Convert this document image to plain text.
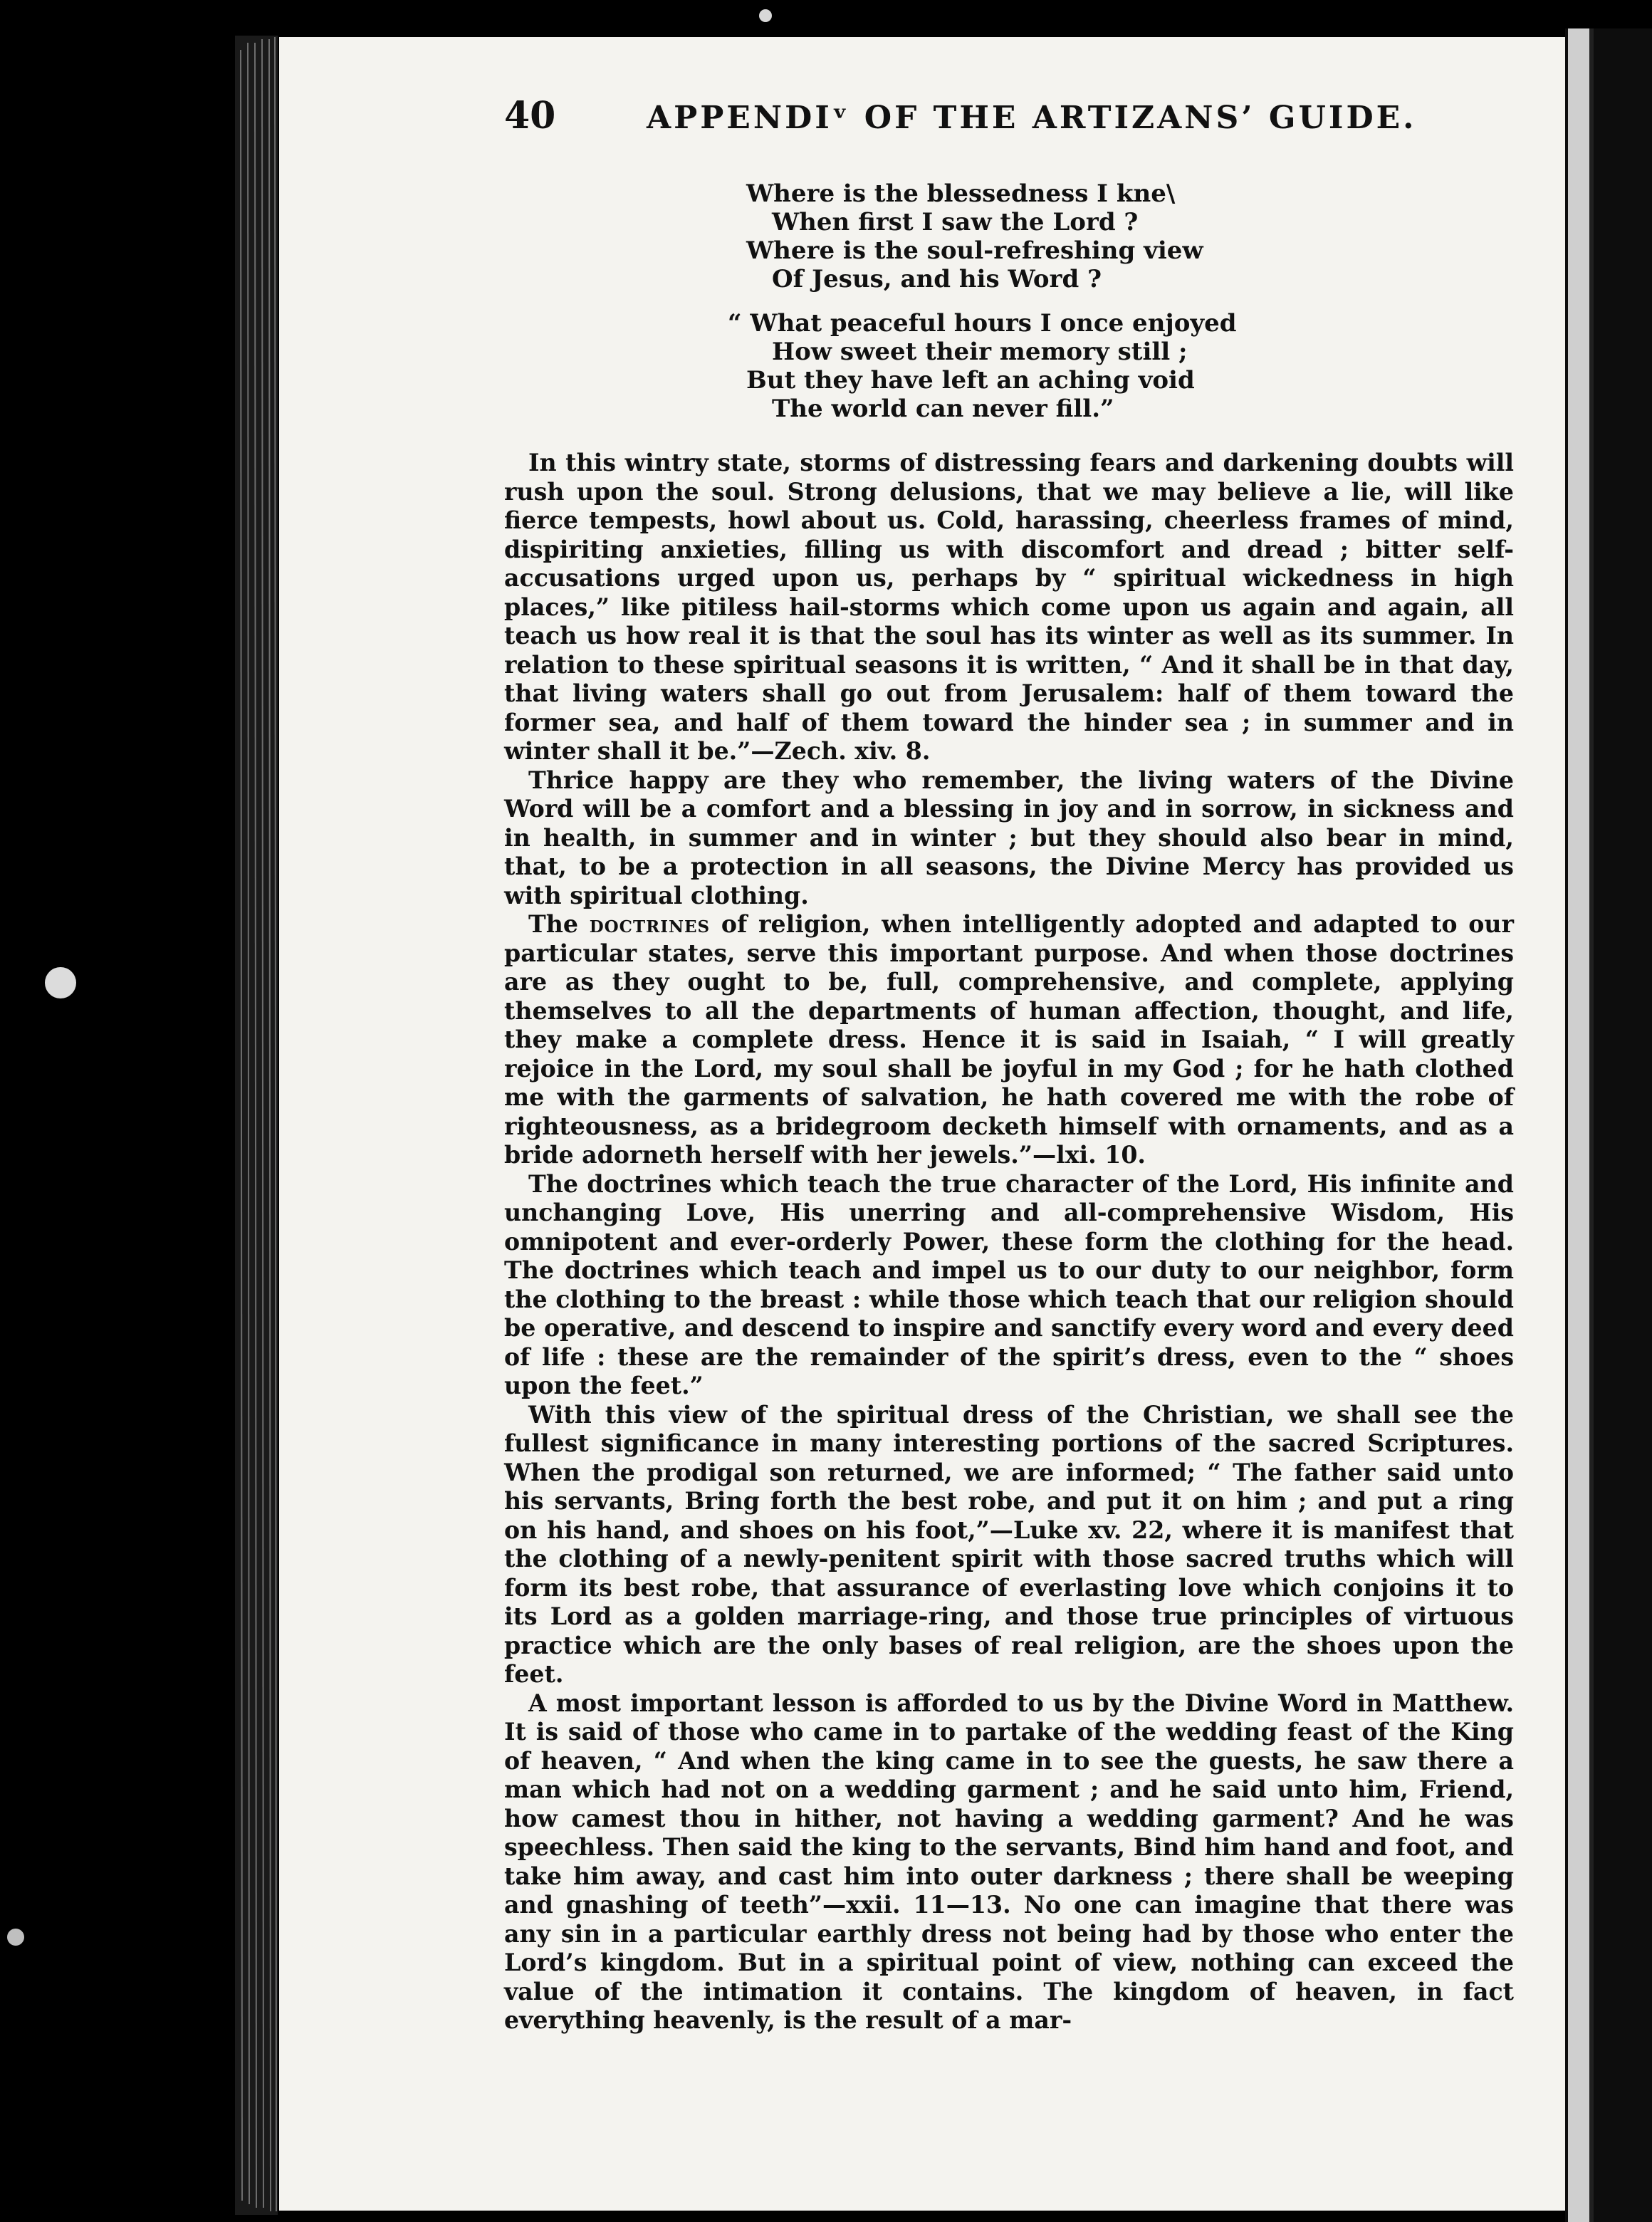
40	APPENDIᵛ OF THE ARTIZANS’ GUIDE.
Where is the blessedness I kne\
When first I saw the Lord ?
Where is the soul-refreshing view
Of Jesus, and his Word ?
“ What peaceful hours I once enjoyed
How sweet their memory still ;
But they have left an aching void
The world can never fill.”

In this wintry state, storms of distressing fears and darkening doubts will rush upon the soul. Strong delusions, that we may believe a lie, will like fierce tempests, howl about us. Cold, harassing, cheerless frames of mind, dispiriting anxieties, filling us with discomfort and dread ; bitter self-accusations urged upon us, perhaps by “ spiritual wickedness in high places,” like pitiless hail-storms which come upon us again and again, all teach us how real it is that the soul has its winter as well as its summer. In relation to these spiritual seasons it is written, “ And it shall be in that day, that living waters shall go out from Jerusalem: half of them toward the former sea, and half of them toward the hinder sea ; in summer and in winter shall it be.”—Zech. xiv. 8.

Thrice happy are they who remember, the living waters of the Divine Word will be a comfort and a blessing in joy and in sorrow, in sickness and in health, in summer and in winter ; but they should also bear in mind, that, to be a protection in all seasons, the Divine Mercy has provided us with spiritual clothing.

The doctrines of religion, when intelligently adopted and adapted to our particular states, serve this important purpose. And when those doctrines are as they ought to be, full, comprehensive, and complete, applying themselves to all the departments of human affection, thought, and life, they make a complete dress. Hence it is said in Isaiah, “ I will greatly rejoice in the Lord, my soul shall be joyful in my God ; for he hath clothed me with the garments of salvation, he hath covered me with the robe of righteousness, as a bridegroom decketh himself with ornaments, and as a bride adorneth herself with her jewels.”—lxi. 10.

The doctrines which teach the true character of the Lord, His infinite and unchanging Love, His unerring and all-comprehensive Wisdom, His omnipotent and ever-orderly Power, these form the clothing for the head. The doctrines which teach and impel us to our duty to our neighbor, form the clothing to the breast : while those which teach that our religion should be operative, and descend to inspire and sanctify every word and every deed of life : these are the remainder of the spirit’s dress, even to the “ shoes upon the feet.”

With this view of the spiritual dress of the Christian, we shall see the fullest significance in many interesting portions of the sacred Scriptures. When the prodigal son returned, we are informed; “ The father said unto his servants, Bring forth the best robe, and put it on him ; and put a ring on his hand, and shoes on his foot,”—Luke xv. 22, where it is manifest that the clothing of a newly-penitent spirit with those sacred truths which will form its best robe, that assurance of everlasting love which conjoins it to its Lord as a golden marriage-ring, and those true principles of virtuous practice which are the only bases of real religion, are the shoes upon the feet.

A most important lesson is afforded to us by the Divine Word in Matthew. It is said of those who came in to partake of the wedding feast of the King of heaven, “ And when the king came in to see the guests, he saw there a man which had not on a wedding garment ; and he said unto him, Friend, how camest thou in hither, not having a wedding garment? And he was speechless. Then said the king to the servants, Bind him hand and foot, and take him away, and cast him into outer darkness ; there shall be weeping and gnashing of teeth”—xxii. 11—13. No one can imagine that there was any sin in a particular earthly dress not being had by those who enter the Lord’s kingdom. But in a spiritual point of view, nothing can exceed the value of the intimation it contains. The kingdom of heaven, in fact everything heavenly, is the result of a mar-
